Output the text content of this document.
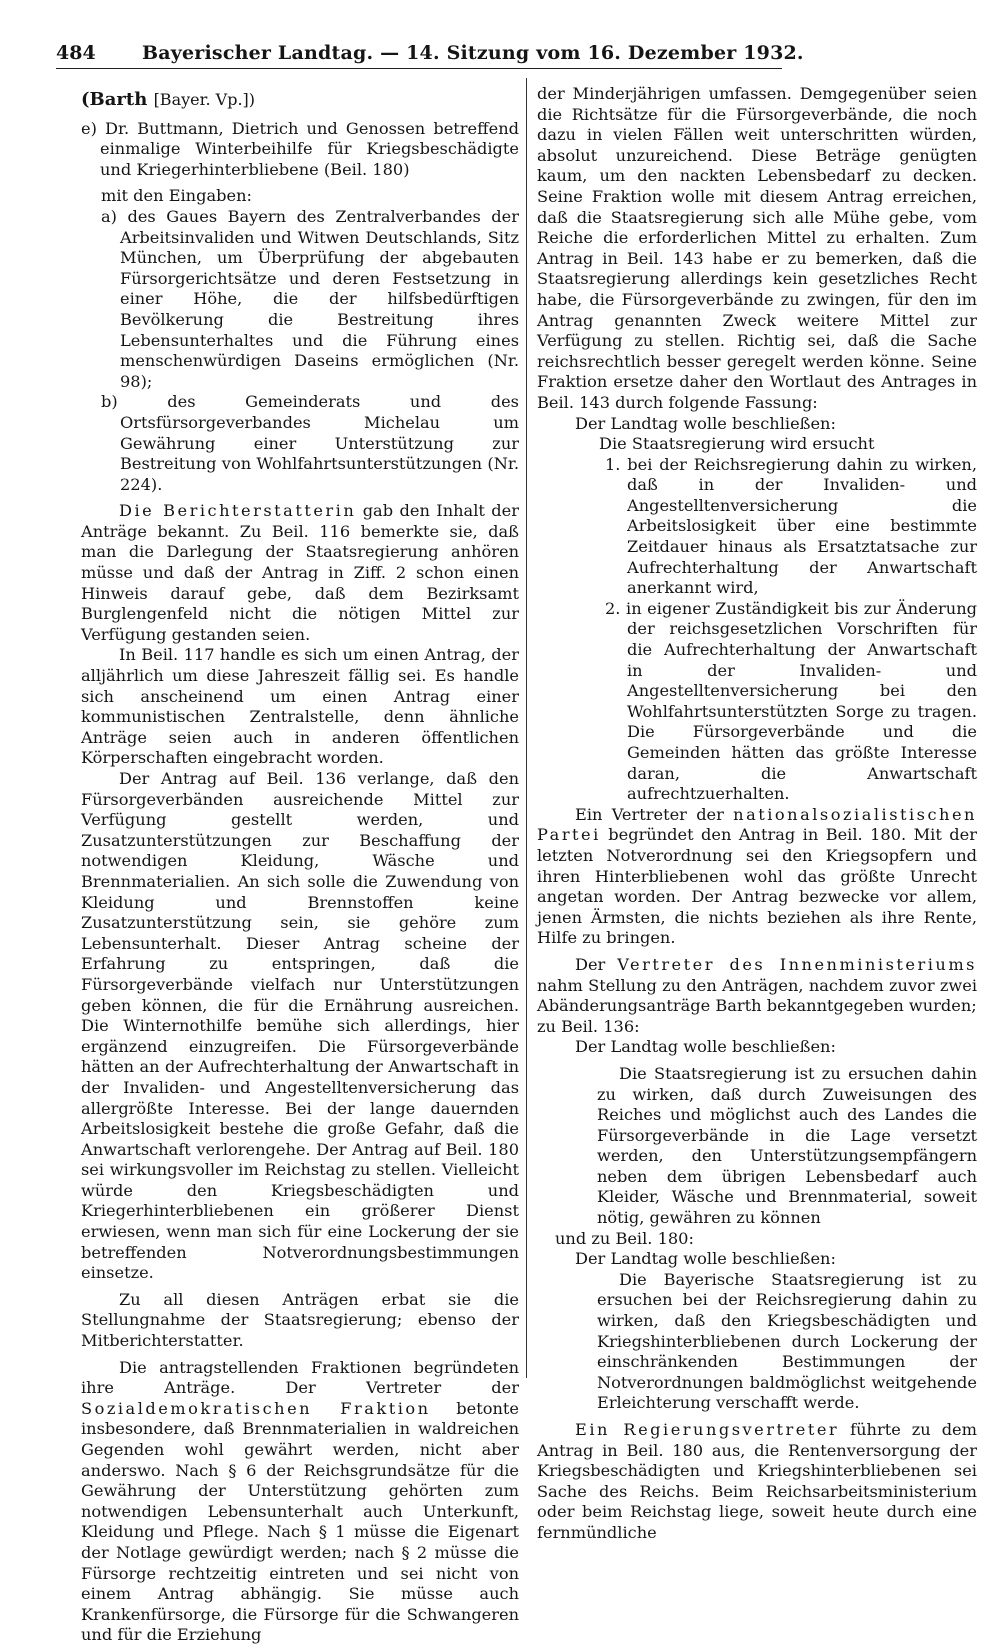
484 Bayerischer Landtag. — 14. Sitzung vom 16. Dezember 1932.
(Barth [Bayer. Vp.])

e) Dr. Buttmann, Dietrich und Genossen betreffend einmalige Winterbeihilfe für Kriegsbeschädigte und Kriegerhinterbliebene (Beil. 180)

mit den Eingaben:

a) des Gaues Bayern des Zentralverbandes der Arbeitsinvaliden und Witwen Deutschlands, Sitz München, um Überprüfung der abgebauten Fürsorgerichtsätze und deren Festsetzung in einer Höhe, die der hilfsbedürftigen Bevölkerung die Bestreitung ihres Lebensunterhaltes und die Führung eines menschenwürdigen Daseins ermöglichen (Nr. 98);

b) des Gemeinderats und des Ortsfürsorgeverbandes Michelau um Gewährung einer Unterstützung zur Bestreitung von Wohlfahrtsunterstützungen (Nr. 224).

Die Berichterstatterin gab den Inhalt der Anträge bekannt. Zu Beil. 116 bemerkte sie, daß man die Darlegung der Staatsregierung anhören müsse und daß der Antrag in Ziff. 2 schon einen Hinweis darauf gebe, daß dem Bezirksamt Burglengenfeld nicht die nötigen Mittel zur Verfügung gestanden seien.

In Beil. 117 handle es sich um einen Antrag, der alljährlich um diese Jahreszeit fällig sei. Es handle sich anscheinend um einen Antrag einer kommunistischen Zentralstelle, denn ähnliche Anträge seien auch in anderen öffentlichen Körperschaften eingebracht worden.

Der Antrag auf Beil. 136 verlange, daß den Fürsorgeverbänden ausreichende Mittel zur Verfügung gestellt werden, und Zusatzunterstützungen zur Beschaffung der notwendigen Kleidung, Wäsche und Brennmaterialien. An sich solle die Zuwendung von Kleidung und Brennstoffen keine Zusatzunterstützung sein, sie gehöre zum Lebensunterhalt. Dieser Antrag scheine der Erfahrung zu entspringen, daß die Fürsorgeverbände vielfach nur Unterstützungen geben können, die für die Ernährung ausreichen. Die Winternothilfe bemühe sich allerdings, hier ergänzend einzugreifen. Die Fürsorgeverbände hätten an der Aufrechterhaltung der Anwartschaft in der Invaliden- und Angestelltenversicherung das allergrößte Interesse. Bei der lange dauernden Arbeitslosigkeit bestehe die große Gefahr, daß die Anwartschaft verlorengehe. Der Antrag auf Beil. 180 sei wirkungsvoller im Reichstag zu stellen. Vielleicht würde den Kriegsbeschädigten und Kriegerhinterbliebenen ein größerer Dienst erwiesen, wenn man sich für eine Lockerung der sie betreffenden Notverordnungsbestimmungen einsetze.

Zu all diesen Anträgen erbat sie die Stellungnahme der Staatsregierung; ebenso der Mitberichterstatter.

Die antragstellenden Fraktionen begründeten ihre Anträge. Der Vertreter der Sozialdemokratischen Fraktion betonte insbesondere, daß Brennmaterialien in waldreichen Gegenden wohl gewährt werden, nicht aber anderswo. Nach § 6 der Reichsgrundsätze für die Gewährung der Unterstützung gehörten zum notwendigen Lebensunterhalt auch Unterkunft, Kleidung und Pflege. Nach § 1 müsse die Eigenart der Notlage gewürdigt werden; nach § 2 müsse die Fürsorge rechtzeitig eintreten und sei nicht von einem Antrag abhängig. Sie müsse auch Krankenfürsorge, die Fürsorge für die Schwangeren und für die Erziehung

der Minderjährigen umfassen. Demgegenüber seien die Richtsätze für die Fürsorgeverbände, die noch dazu in vielen Fällen weit unterschritten würden, absolut unzureichend. Diese Beträge genügten kaum, um den nackten Lebensbedarf zu decken. Seine Fraktion wolle mit diesem Antrag erreichen, daß die Staatsregierung sich alle Mühe gebe, vom Reiche die erforderlichen Mittel zu erhalten. Zum Antrag in Beil. 143 habe er zu bemerken, daß die Staatsregierung allerdings kein gesetzliches Recht habe, die Fürsorgeverbände zu zwingen, für den im Antrag genannten Zweck weitere Mittel zur Verfügung zu stellen. Richtig sei, daß die Sache reichsrechtlich besser geregelt werden könne. Seine Fraktion ersetze daher den Wortlaut des Antrages in Beil. 143 durch folgende Fassung:

Der Landtag wolle beschließen:

Die Staatsregierung wird ersucht

1. bei der Reichsregierung dahin zu wirken, daß in der Invaliden- und Angestelltenversicherung die Arbeitslosigkeit über eine bestimmte Zeitdauer hinaus als Ersatztatsache zur Aufrechterhaltung der Anwartschaft anerkannt wird,

2. in eigener Zuständigkeit bis zur Änderung der reichsgesetzlichen Vorschriften für die Aufrechterhaltung der Anwartschaft in der Invaliden- und Angestelltenversicherung bei den Wohlfahrtsunterstützten Sorge zu tragen. Die Fürsorgeverbände und die Gemeinden hätten das größte Interesse daran, die Anwartschaft aufrechtzuerhalten.

Ein Vertreter der nationalsozialistischen Partei begründet den Antrag in Beil. 180. Mit der letzten Notverordnung sei den Kriegsopfern und ihren Hinterbliebenen wohl das größte Unrecht angetan worden. Der Antrag bezwecke vor allem, jenen Ärmsten, die nichts beziehen als ihre Rente, Hilfe zu bringen.

Der Vertreter des Innenministeriums nahm Stellung zu den Anträgen, nachdem zuvor zwei Abänderungsanträge Barth bekanntgegeben wurden;

zu Beil. 136:

Der Landtag wolle beschließen:

Die Staatsregierung ist zu ersuchen dahin zu wirken, daß durch Zuweisungen des Reiches und möglichst auch des Landes die Fürsorgeverbände in die Lage versetzt werden, den Unterstützungsempfängern neben dem übrigen Lebensbedarf auch Kleider, Wäsche und Brennmaterial, soweit nötig, gewähren zu können

und zu Beil. 180:

Der Landtag wolle beschließen:

Die Bayerische Staatsregierung ist zu ersuchen bei der Reichsregierung dahin zu wirken, daß den Kriegsbeschädigten und Kriegshinterbliebenen durch Lockerung der einschränkenden Bestimmungen der Notverordnungen baldmöglichst weitgehende Erleichterung verschafft werde.

Ein Regierungsvertreter führte zu dem Antrag in Beil. 180 aus, die Rentenversorgung der Kriegsbeschädigten und Kriegshinterbliebenen sei Sache des Reichs. Beim Reichsarbeitsministerium oder beim Reichstag liege, soweit heute durch eine fernmündliche
